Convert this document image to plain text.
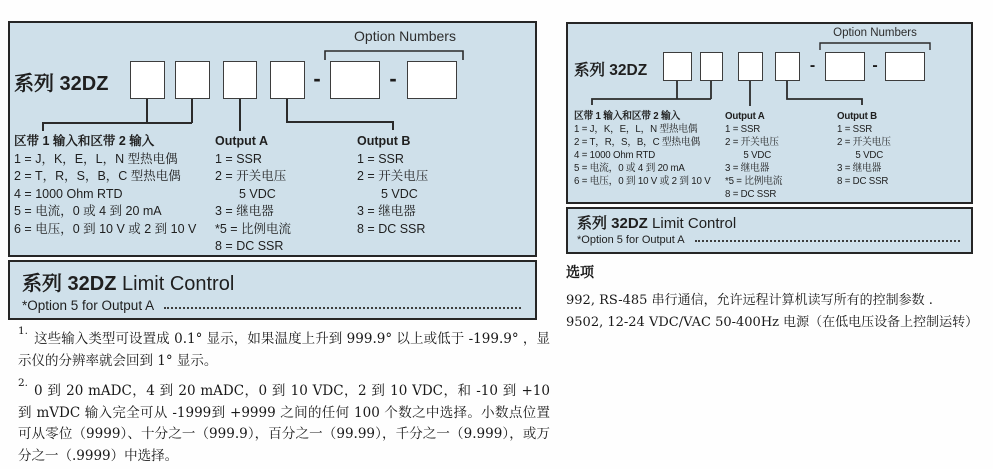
系列 32DZ	-	-
Option Numbers
区带 1 输入和区带 2 输入
1 = J，K，E，L，N 型热电偶
2 = T，R，S，B，C 型热电偶
4 = 1000 Ohm RTD
5 = 电流，0 或 4 到 20 mA
6 = 电压，0 到 10 V 或 2 到 10 V
Output A
1 = SSR
2 = 开关电压
5 VDC
3 = 继电器
*5 = 比例电流
8 = DC SSR
Output B
1 = SSR
2 = 开关电压
5 VDC
3 = 继电器
8 = DC SSR
系列 32DZ Limit Control
*Option 5 for Output A
系列 32DZ	-	-
Option Numbers
区带 1 输入和区带 2 输入
1 = J，K，E，L，N 型热电偶
2 = T，R，S，B，C 型热电偶
4 = 1000 Ohm RTD
5 = 电流，0 或 4 到 20 mA
6 = 电压，0 到 10 V 或 2 到 10 V
Output A
1 = SSR
2 = 开关电压
5 VDC
3 = 继电器
*5 = 比例电流
8 = DC SSR
Output B
1 = SSR
2 = 开关电压
5 VDC
3 = 继电器
8 = DC SSR
系列 32DZ Limit Control
*Option 5 for Output A
选项
992, RS-485 串行通信，允许远程计算机读写所有的控制参数 .
9502, 12-24 VDC/VAC 50-400Hz 电源（在低电压设备上控制运转）
$^{1.}$这些输入类型可设置成 0.1° 显示，如果温度上升到 999.9° 以上或低于 -199.9° ，显示仪的分辨率就会回到 1° 显示。
$^{2.}$0 到 20 mADC，4 到 20 mADC，0 到 10 VDC，2 到 10 VDC，和 -10 到 +10 到 mVDC 输入完全可从 -1999到 +9999 之间的任何 100 个数之中选择。小数点位置可从零位（9999）、十分之一（999.9），百分之一（99.99），千分之一（9.999），或万分之一（.9999）中选择。
